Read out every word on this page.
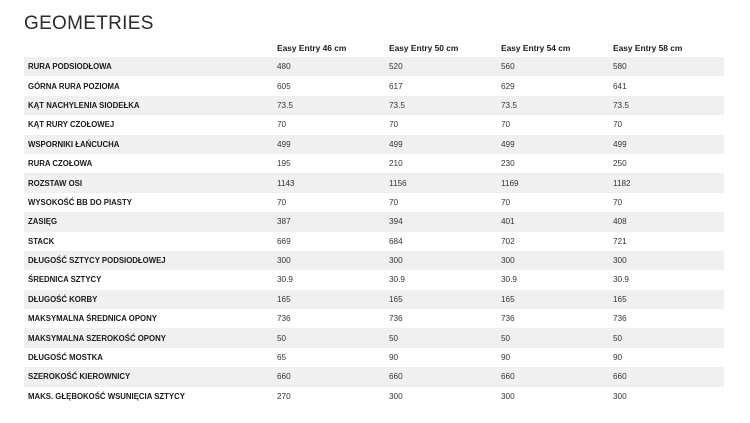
GEOMETRIES
	Easy Entry 46 cm	Easy Entry 50 cm	Easy Entry 54 cm	Easy Entry 58 cm
RURA PODSIODŁOWA	480	520	560	580
GÓRNA RURA POZIOMA	605	617	629	641
KĄT NACHYLENIA SIODEŁKA	73.5	73.5	73.5	73.5
KĄT RURY CZOŁOWEJ	70	70	70	70
WSPORNIKI ŁAŃCUCHA	499	499	499	499
RURA CZOŁOWA	195	210	230	250
ROZSTAW OSI	1143	1156	1169	1182
WYSOKOŚĆ BB DO PIASTY	70	70	70	70
ZASIĘG	387	394	401	408
STACK	669	684	702	721
DŁUGOŚĆ SZTYCY PODSIODŁOWEJ	300	300	300	300
ŚREDNICA SZTYCY	30.9	30.9	30.9	30.9
DŁUGOŚĆ KORBY	165	165	165	165
MAKSYMALNA ŚREDNICA OPONY	736	736	736	736
MAKSYMALNA SZEROKOŚĆ OPONY	50	50	50	50
DŁUGOŚĆ MOSTKA	65	90	90	90
SZEROKOŚĆ KIEROWNICY	660	660	660	660
MAKS. GŁĘBOKOŚĆ WSUNIĘCIA SZTYCY	270	300	300	300
